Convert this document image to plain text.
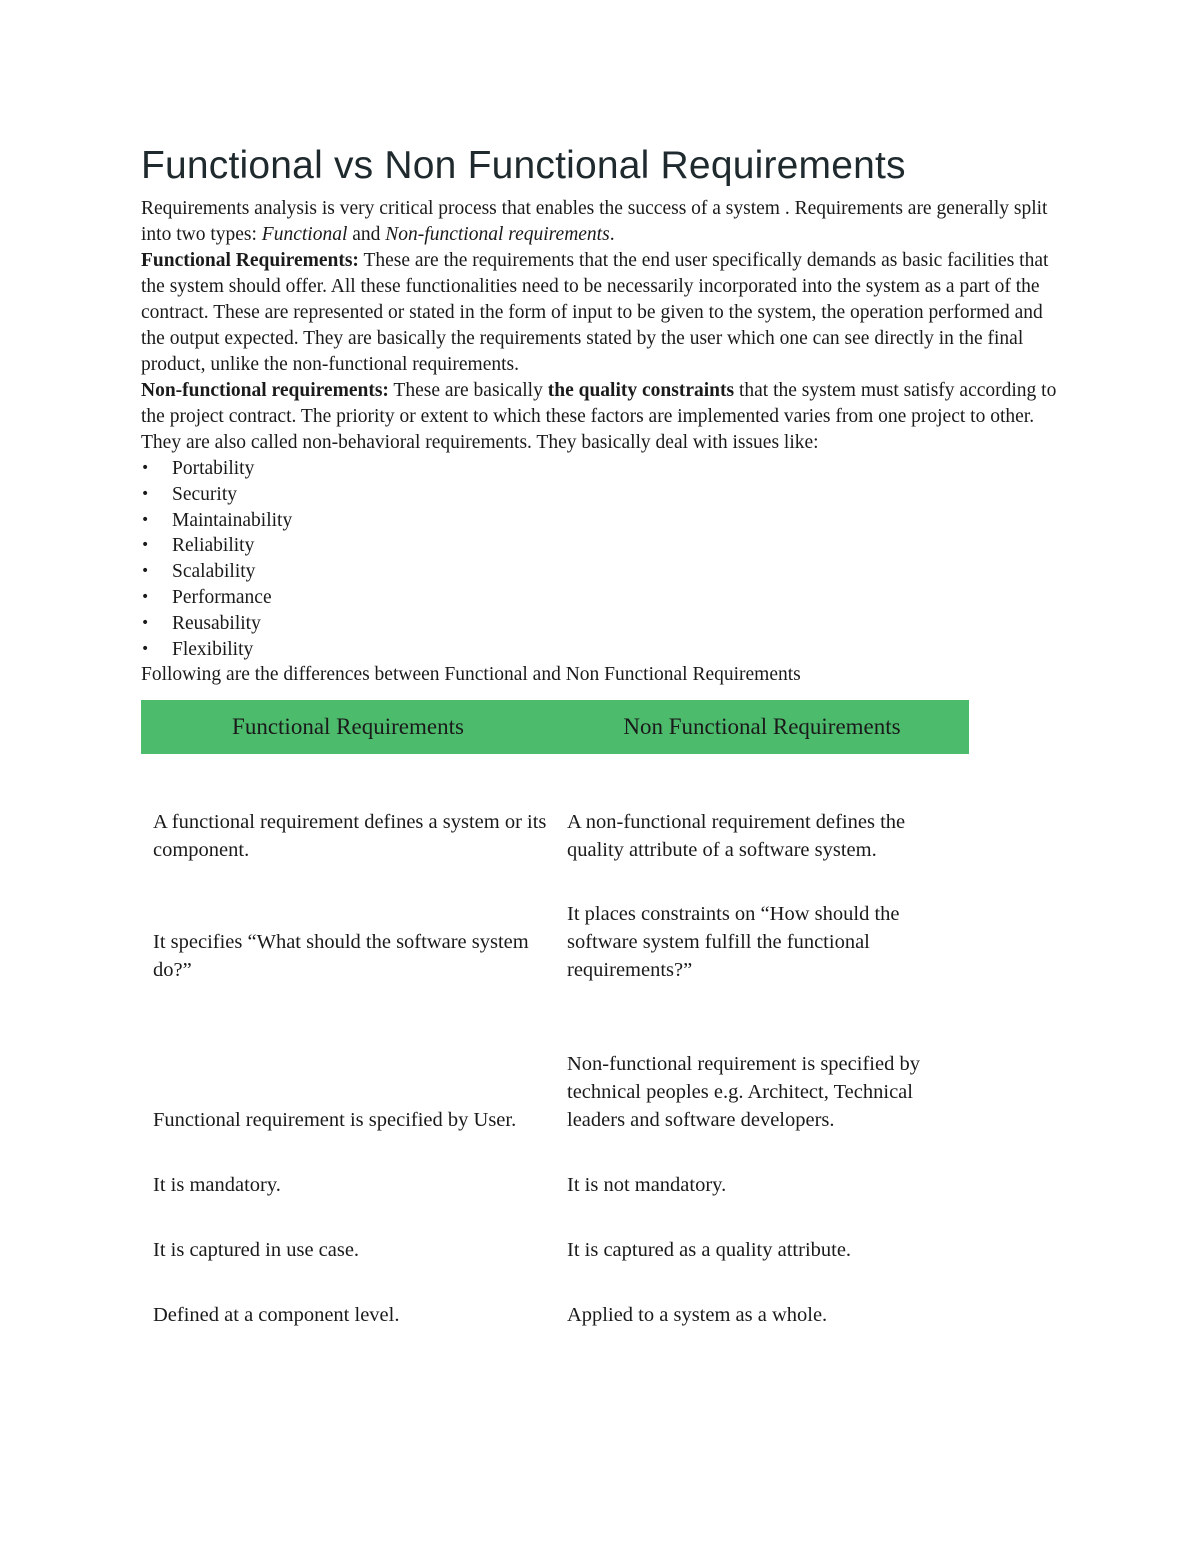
Functional vs Non Functional Requirements

Requirements analysis is very critical process that enables the success of a system . Requirements are generally split into two types: Functional and Non-functional requirements.

Functional Requirements: These are the requirements that the end user specifically demands as basic facilities that the system should offer. All these functionalities need to be necessarily incorporated into the system as a part of the contract. These are represented or stated in the form of input to be given to the system, the operation performed and the output expected. They are basically the requirements stated by the user which one can see directly in the final product, unlike the non-functional requirements.

Non-functional requirements: These are basically the quality constraints that the system must satisfy according to the project contract. The priority or extent to which these factors are implemented varies from one project to other. They are also called non-behavioral requirements. They basically deal with issues like:

• Portability
• Security
• Maintainability
• Reliability
• Scalability
• Performance
• Reusability
• Flexibility

Following are the differences between Functional and Non Functional Requirements

Functional Requirements	Non Functional Requirements
A functional requirement defines a system or its component.	A non-functional requirement defines the quality attribute of a software system.
It specifies “What should the software system do?”	It places constraints on “How should the software system fulfill the functional requirements?”
Functional requirement is specified by User.	Non-functional requirement is specified by technical peoples e.g. Architect, Technical leaders and software developers.
It is mandatory.	It is not mandatory.
It is captured in use case.	It is captured as a quality attribute.
Defined at a component level.	Applied to a system as a whole.
